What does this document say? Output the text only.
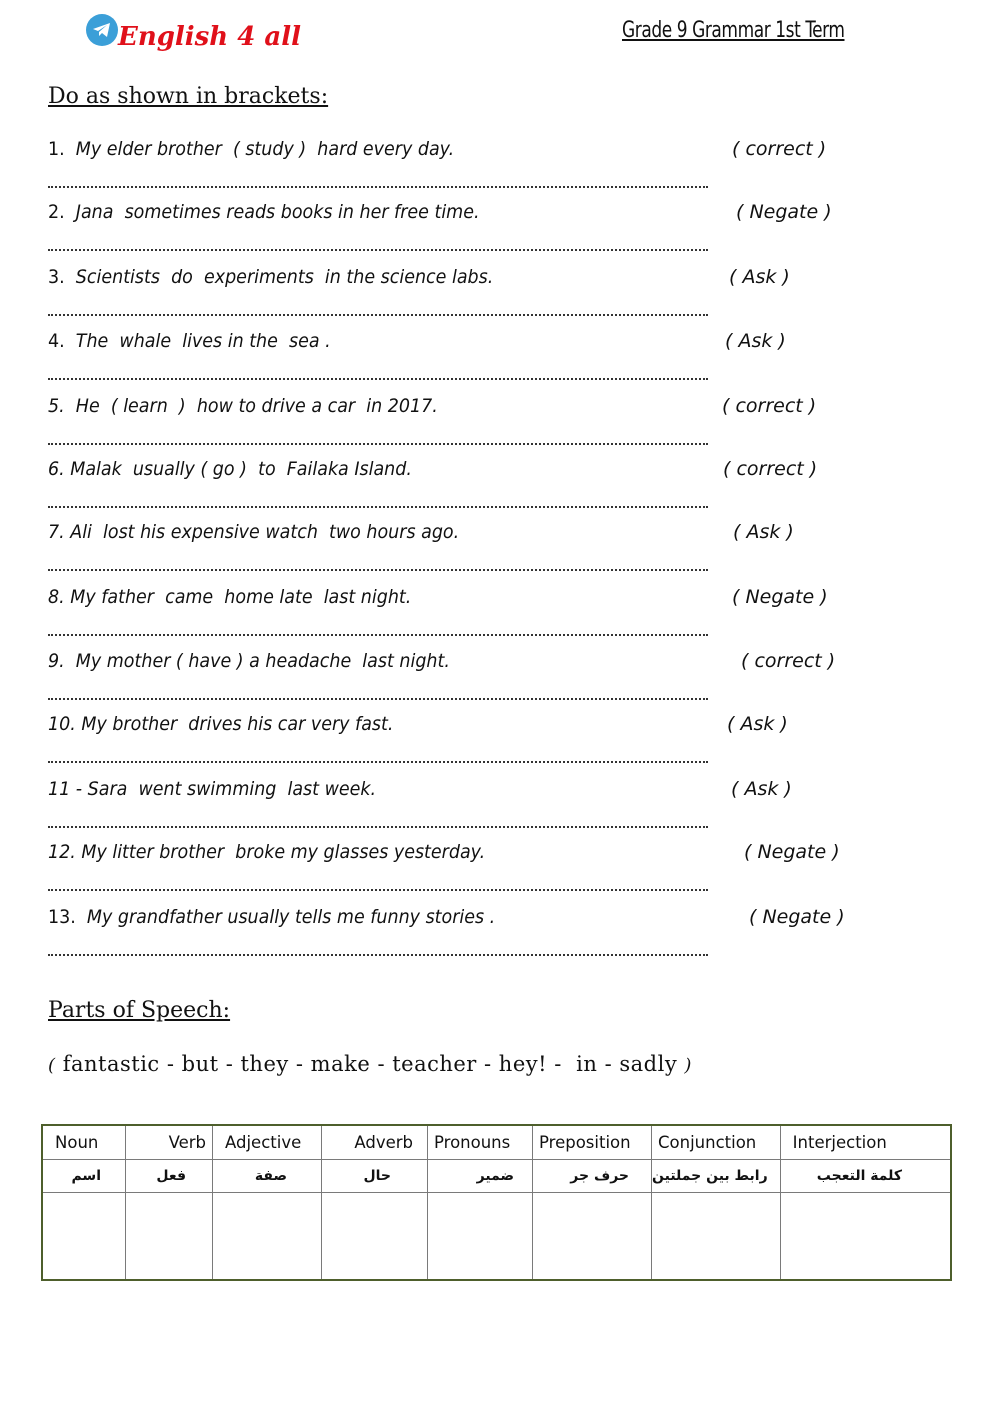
English 4 all	Grade 9 Grammar 1st Term
Do as shown in brackets:
1.  My elder brother  ( study )  hard every day.	( correct )
2.  Jana  sometimes reads books in her free time.	( Negate )
3.  Scientists  do  experiments  in the science labs.	( Ask )
4.  The  whale  lives in the  sea .	( Ask )
5.  He  ( learn  )  how to drive a car  in 2017.	( correct )
6. Malak  usually ( go )  to  Failaka Island.	( correct )
7. Ali  lost his expensive watch  two hours ago.	( Ask )
8. My father  came  home late  last night.	( Negate )
9.  My mother ( have ) a headache  last night.	( correct )
10. My brother  drives his car very fast.	( Ask )
11 - Sara  went swimming  last week.	( Ask )
12. My litter brother  broke my glasses yesterday.	( Negate )
13.  My grandfather usually tells me funny stories .	( Negate )
Parts of Speech:
( fantastic - but - they - make - teacher - hey! -  in - sadly )
Noun	Verb	Adjective	Adverb	Pronouns	Preposition	Conjunction	Interjection

اسم	فعل	صفة	حال	ضمير	حرف جر	رابط بين جملتين	كلمة التعجب
